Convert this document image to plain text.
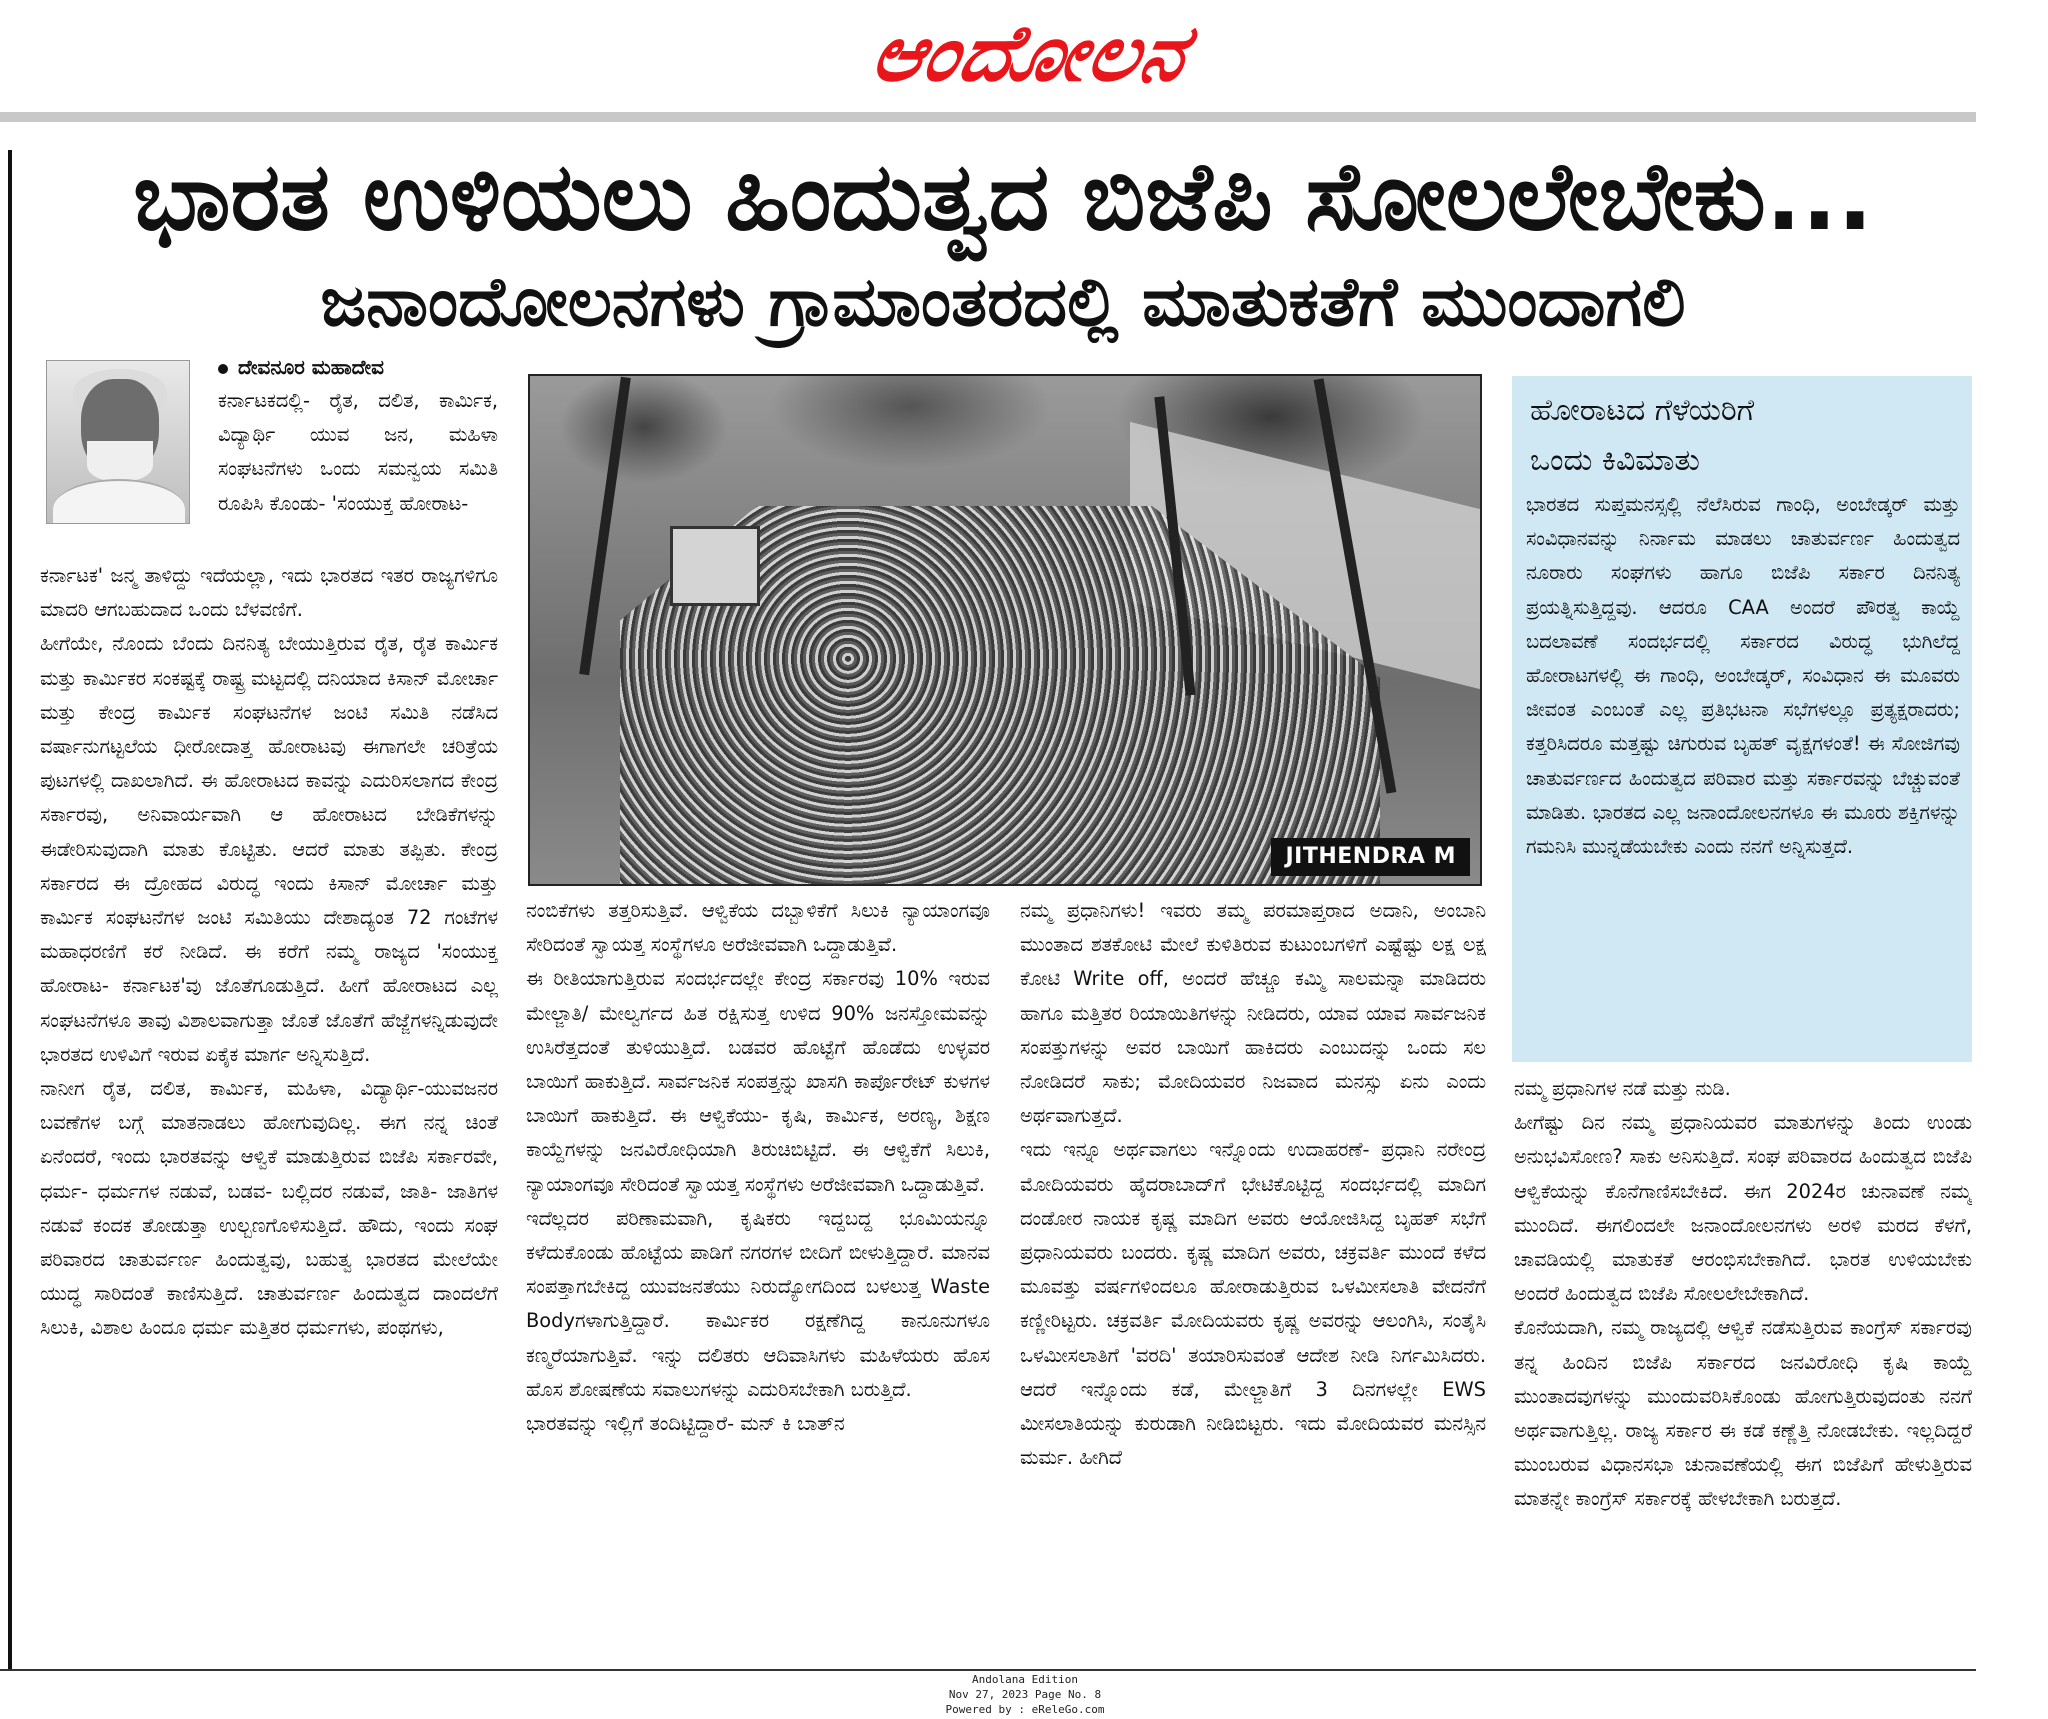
ಆಂದೋಲನ
ಭಾರತ ಉಳಿಯಲು ಹಿಂದುತ್ವದ ಬಿಜೆಪಿ ಸೋಲಲೇಬೇಕು...
ಜನಾಂದೋಲನಗಳು ಗ್ರಾಮಾಂತರದಲ್ಲಿ ಮಾತುಕತೆಗೆ ಮುಂದಾಗಲಿ
ದೇವನೂರ ಮಹಾದೇವ
ಕರ್ನಾಟಕದಲ್ಲಿ- ರೈತ, ದಲಿತ, ಕಾರ್ಮಿಕ, ವಿದ್ಯಾರ್ಥಿ ಯುವ ಜನ, ಮಹಿಳಾ ಸಂಘಟನೆಗಳು ಒಂದು ಸಮನ್ವಯ ಸಮಿತಿ ರೂಪಿಸಿ ಕೊಂಡು- 'ಸಂಯುಕ್ತ ಹೋರಾಟ-
ಕರ್ನಾಟಕ' ಜನ್ಮ ತಾಳಿದ್ದು ಇದೆಯಲ್ಲಾ, ಇದು ಭಾರತದ ಇತರ ರಾಜ್ಯಗಳಿಗೂ ಮಾದರಿ ಆಗಬಹುದಾದ ಒಂದು ಬೆಳವಣಿಗೆ.
ಹೀಗೆಯೇ, ನೊಂದು ಬೆಂದು ದಿನನಿತ್ಯ ಬೇಯುತ್ತಿರುವ ರೈತ, ರೈತ ಕಾರ್ಮಿಕ ಮತ್ತು ಕಾರ್ಮಿಕರ ಸಂಕಷ್ಟಕ್ಕೆ ರಾಷ್ಟ್ರ ಮಟ್ಟದಲ್ಲಿ ದನಿಯಾದ ಕಿಸಾನ್ ಮೋರ್ಚಾ ಮತ್ತು ಕೇಂದ್ರ ಕಾರ್ಮಿಕ ಸಂಘಟನೆಗಳ ಜಂಟಿ ಸಮಿತಿ ನಡೆಸಿದ ವರ್ಷಾನುಗಟ್ಟಲೆಯ ಧೀರೋದಾತ್ತ ಹೋರಾಟವು ಈಗಾಗಲೇ ಚರಿತ್ರೆಯ ಪುಟಗಳಲ್ಲಿ ದಾಖಲಾಗಿದೆ. ಈ ಹೋರಾಟದ ಕಾವನ್ನು ಎದುರಿಸಲಾಗದ ಕೇಂದ್ರ ಸರ್ಕಾರವು, ಅನಿವಾರ್ಯವಾಗಿ ಆ ಹೋರಾಟದ ಬೇಡಿಕೆಗಳನ್ನು ಈಡೇರಿಸುವುದಾಗಿ ಮಾತು ಕೊಟ್ಟಿತು. ಆದರೆ ಮಾತು ತಪ್ಪಿತು. ಕೇಂದ್ರ ಸರ್ಕಾರದ ಈ ದ್ರೋಹದ ವಿರುದ್ಧ ಇಂದು ಕಿಸಾನ್ ಮೋರ್ಚಾ ಮತ್ತು ಕಾರ್ಮಿಕ ಸಂಘಟನೆಗಳ ಜಂಟಿ ಸಮಿತಿಯು ದೇಶಾದ್ಯಂತ 72 ಗಂಟೆಗಳ ಮಹಾಧರಣಿಗೆ ಕರೆ ನೀಡಿದೆ. ಈ ಕರೆಗೆ ನಮ್ಮ ರಾಜ್ಯದ 'ಸಂಯುಕ್ತ ಹೋರಾಟ- ಕರ್ನಾಟಕ'ವು ಜೊತೆಗೂಡುತ್ತಿದೆ. ಹೀಗೆ ಹೋರಾಟದ ಎಲ್ಲ ಸಂಘಟನೆಗಳೂ ತಾವು ವಿಶಾಲವಾಗುತ್ತಾ ಜೊತೆ ಜೊತೆಗೆ ಹೆಜ್ಜೆಗಳನ್ನಿಡುವುದೇ ಭಾರತದ ಉಳಿವಿಗೆ ಇರುವ ಏಕೈಕ ಮಾರ್ಗ ಅನ್ನಿಸುತ್ತಿದೆ.
ನಾನೀಗ ರೈತ, ದಲಿತ, ಕಾರ್ಮಿಕ, ಮಹಿಳಾ, ವಿದ್ಯಾರ್ಥಿ-ಯುವಜನರ ಬವಣೆಗಳ ಬಗ್ಗೆ ಮಾತನಾಡಲು ಹೋಗುವುದಿಲ್ಲ. ಈಗ ನನ್ನ ಚಿಂತೆ ಏನೆಂದರೆ, ಇಂದು ಭಾರತವನ್ನು ಆಳ್ವಿಕೆ ಮಾಡುತ್ತಿರುವ ಬಿಜೆಪಿ ಸರ್ಕಾರವೇ, ಧರ್ಮ- ಧರ್ಮಗಳ ನಡುವೆ, ಬಡವ- ಬಲ್ಲಿದರ ನಡುವೆ, ಜಾತಿ- ಜಾತಿಗಳ ನಡುವೆ ಕಂದಕ ತೋಡುತ್ತಾ ಉಲ್ಬಣಗೊಳಿಸುತ್ತಿದೆ. ಹೌದು, ಇಂದು ಸಂಘ ಪರಿವಾರದ ಚಾತುರ್ವರ್ಣ ಹಿಂದುತ್ವವು, ಬಹುತ್ವ ಭಾರತದ ಮೇಲೆಯೇ ಯುದ್ಧ ಸಾರಿದಂತೆ ಕಾಣಿಸುತ್ತಿದೆ. ಚಾತುರ್ವರ್ಣ ಹಿಂದುತ್ವದ ದಾಂದಲೆಗೆ ಸಿಲುಕಿ, ವಿಶಾಲ ಹಿಂದೂ ಧರ್ಮ ಮತ್ತಿತರ ಧರ್ಮಗಳು, ಪಂಥಗಳು,
JITHENDRA M
ಹೋರಾಟದ ಗೆಳೆಯರಿಗೆ
ಒಂದು ಕಿವಿಮಾತು
ಭಾರತದ ಸುಪ್ತಮನಸ್ಸಲ್ಲಿ ನೆಲೆಸಿರುವ ಗಾಂಧಿ, ಅಂಬೇಡ್ಕರ್ ಮತ್ತು ಸಂವಿಧಾನವನ್ನು ನಿರ್ನಾಮ ಮಾಡಲು ಚಾತುರ್ವರ್ಣ ಹಿಂದುತ್ವದ ನೂರಾರು ಸಂಘಗಳು ಹಾಗೂ ಬಿಜೆಪಿ ಸರ್ಕಾರ ದಿನನಿತ್ಯ ಪ್ರಯತ್ನಿಸುತ್ತಿದ್ದವು. ಆದರೂ CAA ಅಂದರೆ ಪೌರತ್ವ ಕಾಯ್ದೆ ಬದಲಾವಣೆ ಸಂದರ್ಭದಲ್ಲಿ ಸರ್ಕಾರದ ವಿರುದ್ಧ ಭುಗಿಲೆದ್ದ ಹೋರಾಟಗಳಲ್ಲಿ ಈ ಗಾಂಧಿ, ಅಂಬೇಡ್ಕರ್, ಸಂವಿಧಾನ ಈ ಮೂವರು ಜೀವಂತ ಎಂಬಂತೆ ಎಲ್ಲ ಪ್ರತಿಭಟನಾ ಸಭೆಗಳಲ್ಲೂ ಪ್ರತ್ಯಕ್ಷರಾದರು; ಕತ್ತರಿಸಿದರೂ ಮತ್ತಷ್ಟು ಚಿಗುರುವ ಬೃಹತ್ ವೃಕ್ಷಗಳಂತೆ! ಈ ಸೋಜಿಗವು ಚಾತುರ್ವರ್ಣದ ಹಿಂದುತ್ವದ ಪರಿವಾರ ಮತ್ತು ಸರ್ಕಾರವನ್ನು ಬೆಚ್ಚುವಂತೆ ಮಾಡಿತು. ಭಾರತದ ಎಲ್ಲ ಜನಾಂದೋಲನಗಳೂ ಈ ಮೂರು ಶಕ್ತಿಗಳನ್ನು ಗಮನಿಸಿ ಮುನ್ನಡೆಯಬೇಕು ಎಂದು ನನಗೆ ಅನ್ನಿಸುತ್ತದೆ.
ನಂಬಿಕೆಗಳು ತತ್ತರಿಸುತ್ತಿವೆ. ಆಳ್ವಿಕೆಯ ದಬ್ಬಾಳಿಕೆಗೆ ಸಿಲುಕಿ ನ್ಯಾಯಾಂಗವೂ ಸೇರಿದಂತೆ ಸ್ವಾಯತ್ತ ಸಂಸ್ಥೆಗಳೂ ಅರೆಜೀವವಾಗಿ ಒದ್ದಾಡುತ್ತಿವೆ.
ಈ ರೀತಿಯಾಗುತ್ತಿರುವ ಸಂದರ್ಭದಲ್ಲೇ ಕೇಂದ್ರ ಸರ್ಕಾರವು 10% ಇರುವ ಮೇಲ್ಜಾತಿ/ ಮೇಲ್ವರ್ಗದ ಹಿತ ರಕ್ಷಿಸುತ್ತ ಉಳಿದ 90% ಜನಸ್ತೋಮವನ್ನು ಉಸಿರೆತ್ತದಂತೆ ತುಳಿಯುತ್ತಿದೆ. ಬಡವರ ಹೊಟ್ಟೆಗೆ ಹೊಡೆದು ಉಳ್ಳವರ ಬಾಯಿಗೆ ಹಾಕುತ್ತಿದೆ. ಸಾರ್ವಜನಿಕ ಸಂಪತ್ತನ್ನು ಖಾಸಗಿ ಕಾರ್ಪೊರೇಟ್ ಕುಳಗಳ ಬಾಯಿಗೆ ಹಾಕುತ್ತಿದೆ. ಈ ಆಳ್ವಿಕೆಯು- ಕೃಷಿ, ಕಾರ್ಮಿಕ, ಅರಣ್ಯ, ಶಿಕ್ಷಣ ಕಾಯ್ದೆಗಳನ್ನು ಜನವಿರೋಧಿಯಾಗಿ ತಿರುಚಿಬಿಟ್ಟಿದೆ. ಈ ಆಳ್ವಿಕೆಗೆ ಸಿಲುಕಿ, ನ್ಯಾಯಾಂಗವೂ ಸೇರಿದಂತೆ ಸ್ವಾಯತ್ತ ಸಂಸ್ಥೆಗಳು ಅರೆಜೀವವಾಗಿ ಒದ್ದಾಡುತ್ತಿವೆ.
ಇದೆಲ್ಲದರ ಪರಿಣಾಮವಾಗಿ, ಕೃಷಿಕರು ಇದ್ದಬದ್ದ ಭೂಮಿಯನ್ನೂ ಕಳೆದುಕೊಂಡು ಹೊಟ್ಟೆಯ ಪಾಡಿಗೆ ನಗರಗಳ ಬೀದಿಗೆ ಬೀಳುತ್ತಿದ್ದಾರೆ. ಮಾನವ ಸಂಪತ್ತಾಗಬೇಕಿದ್ದ ಯುವಜನತೆಯು ನಿರುದ್ಯೋಗದಿಂದ ಬಳಲುತ್ತ Waste Bodyಗಳಾಗುತ್ತಿದ್ದಾರೆ. ಕಾರ್ಮಿಕರ ರಕ್ಷಣೆಗಿದ್ದ ಕಾನೂನುಗಳೂ ಕಣ್ಮರೆಯಾಗುತ್ತಿವೆ. ಇನ್ನು ದಲಿತರು ಆದಿವಾಸಿಗಳು ಮಹಿಳೆಯರು ಹೊಸ ಹೊಸ ಶೋಷಣೆಯ ಸವಾಲುಗಳನ್ನು ಎದುರಿಸಬೇಕಾಗಿ ಬರುತ್ತಿದೆ.
ಭಾರತವನ್ನು ಇಲ್ಲಿಗೆ ತಂದಿಟ್ಟಿದ್ದಾರೆ- ಮನ್ ಕಿ ಬಾತ್‌ನ
ನಮ್ಮ ಪ್ರಧಾನಿಗಳು! ಇವರು ತಮ್ಮ ಪರಮಾಪ್ತರಾದ ಅದಾನಿ, ಅಂಬಾನಿ ಮುಂತಾದ ಶತಕೋಟಿ ಮೇಲೆ ಕುಳಿತಿರುವ ಕುಟುಂಬಗಳಿಗೆ ಎಷ್ಟೆಷ್ಟು ಲಕ್ಷ ಲಕ್ಷ ಕೋಟಿ Write off, ಅಂದರೆ ಹೆಚ್ಚೂ ಕಮ್ಮಿ ಸಾಲಮನ್ನಾ ಮಾಡಿದರು ಹಾಗೂ ಮತ್ತಿತರ ರಿಯಾಯಿತಿಗಳನ್ನು ನೀಡಿದರು, ಯಾವ ಯಾವ ಸಾರ್ವಜನಿಕ ಸಂಪತ್ತುಗಳನ್ನು ಅವರ ಬಾಯಿಗೆ ಹಾಕಿದರು ಎಂಬುದನ್ನು ಒಂದು ಸಲ ನೋಡಿದರೆ ಸಾಕು; ಮೋದಿಯವರ ನಿಜವಾದ ಮನಸ್ಸು ಏನು ಎಂದು ಅರ್ಥವಾಗುತ್ತದೆ.
ಇದು ಇನ್ನೂ ಅರ್ಥವಾಗಲು ಇನ್ನೊಂದು ಉದಾಹರಣೆ- ಪ್ರಧಾನಿ ನರೇಂದ್ರ ಮೋದಿಯವರು ಹೈದರಾಬಾದ್‌ಗೆ ಭೇಟಿಕೊಟ್ಟಿದ್ದ ಸಂದರ್ಭದಲ್ಲಿ ಮಾದಿಗ ದಂಡೋರ ನಾಯಕ ಕೃಷ್ಣ ಮಾದಿಗ ಅವರು ಆಯೋಜಿಸಿದ್ದ ಬೃಹತ್ ಸಭೆಗೆ ಪ್ರಧಾನಿಯವರು ಬಂದರು. ಕೃಷ್ಣ ಮಾದಿಗ ಅವರು, ಚಕ್ರವರ್ತಿ ಮುಂದೆ ಕಳೆದ ಮೂವತ್ತು ವರ್ಷಗಳಿಂದಲೂ ಹೋರಾಡುತ್ತಿರುವ ಒಳಮೀಸಲಾತಿ ವೇದನೆಗೆ ಕಣ್ಣೀರಿಟ್ಟರು. ಚಕ್ರವರ್ತಿ ಮೋದಿಯವರು ಕೃಷ್ಣ ಅವರನ್ನು ಆಲಂಗಿಸಿ, ಸಂತೈಸಿ ಒಳಮೀಸಲಾತಿಗೆ 'ವರದಿ' ತಯಾರಿಸುವಂತೆ ಆದೇಶ ನೀಡಿ ನಿರ್ಗಮಿಸಿದರು. ಆದರೆ ಇನ್ನೊಂದು ಕಡೆ, ಮೇಲ್ಜಾತಿಗೆ 3 ದಿನಗಳಲ್ಲೇ EWS ಮೀಸಲಾತಿಯನ್ನು ಕುರುಡಾಗಿ ನೀಡಿಬಿಟ್ಟರು. ಇದು ಮೋದಿಯವರ ಮನಸ್ಸಿನ ಮರ್ಮ. ಹೀಗಿದೆ
ನಮ್ಮ ಪ್ರಧಾನಿಗಳ ನಡೆ ಮತ್ತು ನುಡಿ.
ಹೀಗೆಷ್ಟು ದಿನ ನಮ್ಮ ಪ್ರಧಾನಿಯವರ ಮಾತುಗಳನ್ನು ತಿಂದು ಉಂಡು ಅನುಭವಿಸೋಣ? ಸಾಕು ಅನಿಸುತ್ತಿದೆ. ಸಂಘ ಪರಿವಾರದ ಹಿಂದುತ್ವದ ಬಿಜೆಪಿ ಆಳ್ವಿಕೆಯನ್ನು ಕೊನೆಗಾಣಿಸಬೇಕಿದೆ. ಈಗ 2024ರ ಚುನಾವಣೆ ನಮ್ಮ ಮುಂದಿದೆ. ಈಗಲಿಂದಲೇ ಜನಾಂದೋಲನಗಳು ಅರಳಿ ಮರದ ಕೆಳಗೆ, ಚಾವಡಿಯಲ್ಲಿ ಮಾತುಕತೆ ಆರಂಭಿಸಬೇಕಾಗಿದೆ. ಭಾರತ ಉಳಿಯಬೇಕು ಅಂದರೆ ಹಿಂದುತ್ವದ ಬಿಜೆಪಿ ಸೋಲಲೇಬೇಕಾಗಿದೆ.
ಕೊನೆಯದಾಗಿ, ನಮ್ಮ ರಾಜ್ಯದಲ್ಲಿ ಆಳ್ವಿಕೆ ನಡೆಸುತ್ತಿರುವ ಕಾಂಗ್ರೆಸ್ ಸರ್ಕಾರವು ತನ್ನ ಹಿಂದಿನ ಬಿಜೆಪಿ ಸರ್ಕಾರದ ಜನವಿರೋಧಿ ಕೃಷಿ ಕಾಯ್ದೆ ಮುಂತಾದವುಗಳನ್ನು ಮುಂದುವರಿಸಿಕೊಂಡು ಹೋಗುತ್ತಿರುವುದಂತು ನನಗೆ ಅರ್ಥವಾಗುತ್ತಿಲ್ಲ. ರಾಜ್ಯ ಸರ್ಕಾರ ಈ ಕಡೆ ಕಣ್ಣೆತ್ತಿ ನೋಡಬೇಕು. ಇಲ್ಲದಿದ್ದರೆ ಮುಂಬರುವ ವಿಧಾನಸಭಾ ಚುನಾವಣೆಯಲ್ಲಿ ಈಗ ಬಿಜೆಪಿಗೆ ಹೇಳುತ್ತಿರುವ ಮಾತನ್ನೇ ಕಾಂಗ್ರೆಸ್ ಸರ್ಕಾರಕ್ಕೆ ಹೇಳಬೇಕಾಗಿ ಬರುತ್ತದೆ.
Andolana Edition
Nov 27, 2023 Page No. 8
Powered by : eReleGo.com
